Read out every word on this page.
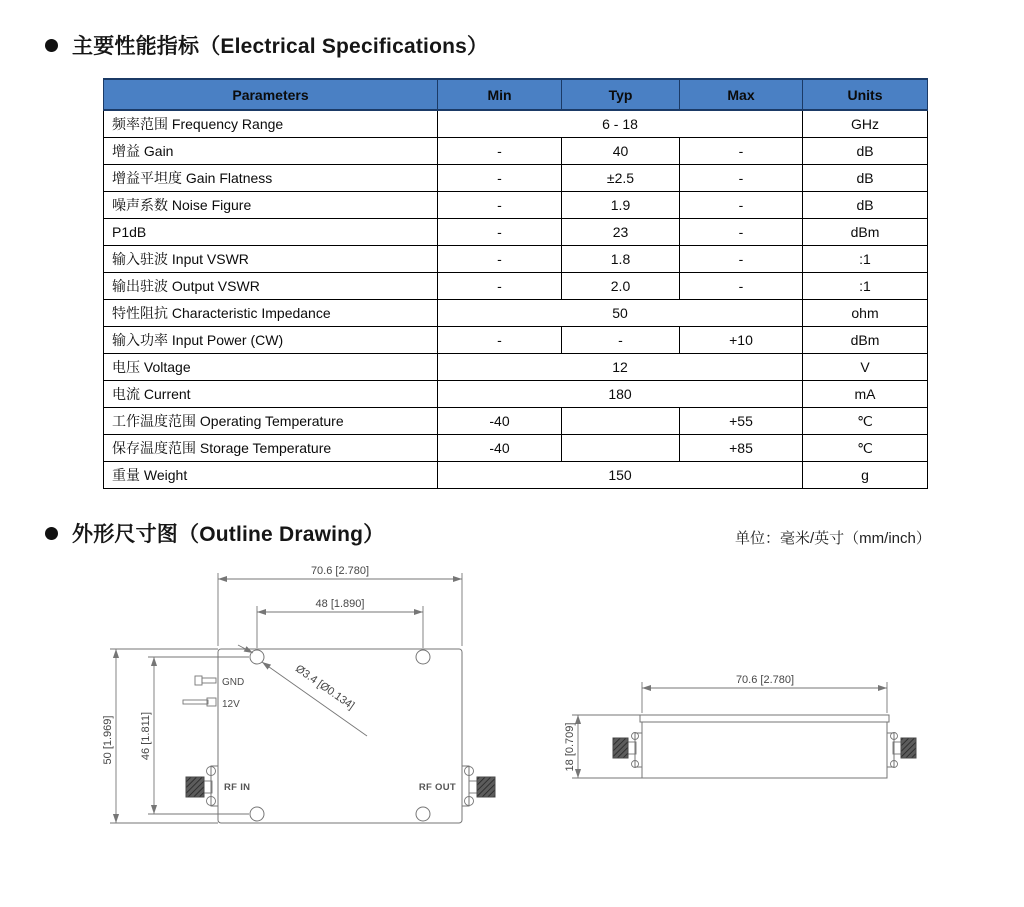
主要性能指标（Electrical Specifications）
Parameters	Min	Typ	Max	Units
频率范围 Frequency Range	6 - 18			GHz
增益 Gain	-	40	-	dB
增益平坦度 Gain Flatness	-	±2.5	-	dB
噪声系数 Noise Figure	-	1.9	-	dB
P1dB	-	23	-	dBm
输入驻波 Input VSWR	-	1.8	-	:1
输出驻波 Output VSWR	-	2.0	-	:1
特性阻抗 Characteristic Impedance	50			ohm
输入功率 Input Power (CW)	-	-	+10	dBm
电压 Voltage	12			V
电流 Current	180			mA
工作温度范围 Operating Temperature	-40		+55	℃
保存温度范围 Storage Temperature	-40		+85	℃
重量 Weight	150			g
外形尺寸图（Outline Drawing）	单位：毫米/英寸（mm/inch）
70.6 [2.780]
48 [1.890]
50 [1.969] 46 [1.811]
Ø3.4 [Ø0.134]
GND
12V
RF IN	RF OUT
70.6 [2.780]
18 [0.709]
